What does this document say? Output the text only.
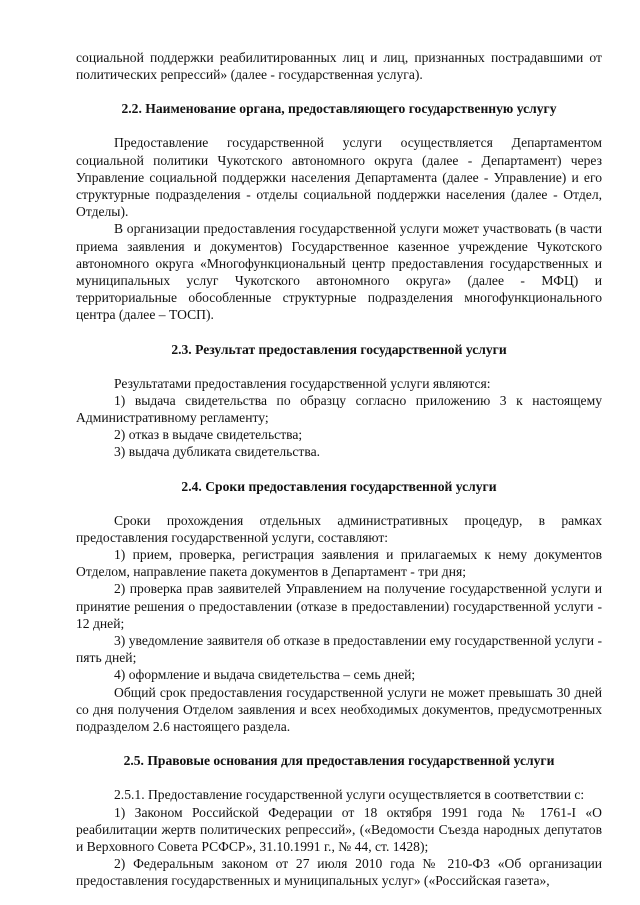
социальной поддержки реабилитированных лиц и лиц, признанных пострадавшими от политических репрессий» (далее - государственная услуга).

2.2. Наименование органа, предоставляющего государственную услугу

Предоставление государственной услуги осуществляется Департаментом социальной политики Чукотского автономного округа (далее - Департамент) через Управление социальной поддержки населения Департамента (далее - Управление) и его структурные подразделения - отделы социальной поддержки населения (далее - Отдел, Отделы).

В организации предоставления государственной услуги может участвовать (в части приема заявления и документов) Государственное казенное учреждение Чукотского автономного округа «Многофункциональный центр предоставления государственных и муниципальных услуг Чукотского автономного округа» (далее - МФЦ) и территориальные обособленные структурные подразделения многофункционального центра (далее – ТОСП).

2.3. Результат предоставления государственной услуги

Результатами предоставления государственной услуги являются:

1) выдача свидетельства по образцу согласно приложению 3 к настоящему Административному регламенту;

2) отказ в выдаче свидетельства;

3) выдача дубликата свидетельства.

2.4. Сроки предоставления государственной услуги

Сроки прохождения отдельных административных процедур, в рамках предоставления государственной услуги, составляют:

1) прием, проверка, регистрация заявления и прилагаемых к нему документов Отделом, направление пакета документов в Департамент - три дня;

2) проверка прав заявителей Управлением на получение государственной услуги и принятие решения о предоставлении (отказе в предоставлении) государственной услуги - 12 дней;

3) уведомление заявителя об отказе в предоставлении ему государственной услуги - пять дней;

4) оформление и выдача свидетельства – семь дней;

Общий срок предоставления государственной услуги не может превышать 30 дней со дня получения Отделом заявления и всех необходимых документов, предусмотренных подразделом 2.6 настоящего раздела.

2.5. Правовые основания для предоставления государственной услуги

2.5.1. Предоставление государственной услуги осуществляется в соответствии с:

1) Законом Российской Федерации от 18 октября 1991 года № 1761-I «О реабилитации жертв политических репрессий», («Ведомости Съезда народных депутатов и Верховного Совета РСФСР», 31.10.1991 г., № 44, ст. 1428);

2) Федеральным законом от 27 июля 2010 года № 210-ФЗ «Об организации предоставления государственных и муниципальных услуг» («Российская газета»,
